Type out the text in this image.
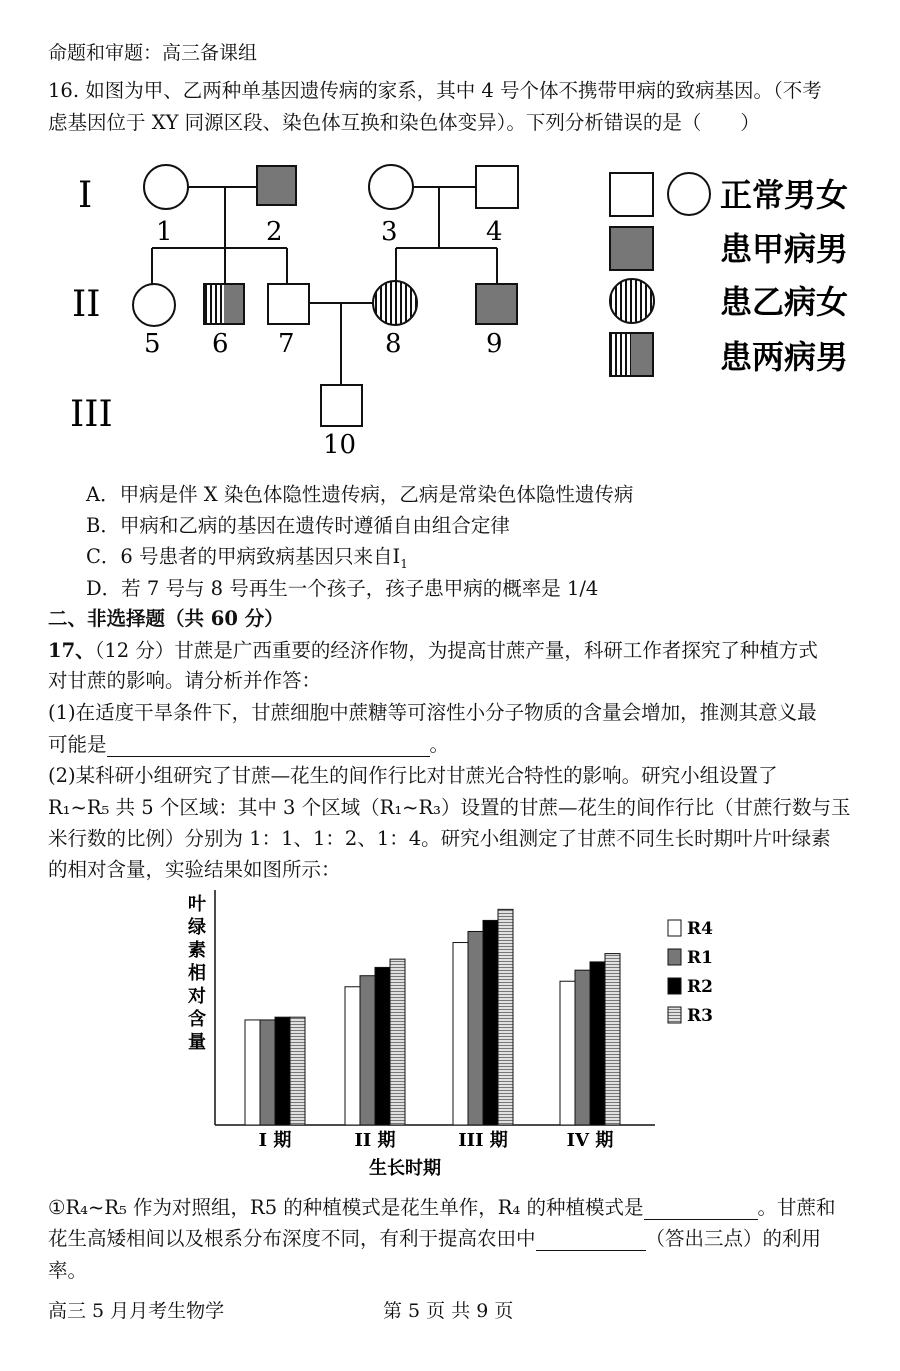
命题和审题：高三备课组
16. 如图为甲、乙两种单基因遗传病的家系，其中 4 号个体不携带甲病的致病基因。（不考
虑基因位于 XY 同源区段、染色体互换和染色体变异）。下列分析错误的是（　　）
I
II
III
1	2	3	4
5 6 7	8	9
10
正常男女
患甲病男
患乙病女
患两病男
A．甲病是伴 X 染色体隐性遗传病，乙病是常染色体隐性遗传病
B．甲病和乙病的基因在遗传时遵循自由组合定律
C．6 号患者的甲病致病基因只来自$I_1$
D．若 7 号与 8 号再生一个孩子，孩子患甲病的概率是 1/4
二、非选择题（共 60 分）
17、（12 分）甘蔗是广西重要的经济作物，为提高甘蔗产量，科研工作者探究了种植方式
对甘蔗的影响。请分析并作答：
(1)在适度干旱条件下，甘蔗细胞中蔗糖等可溶性小分子物质的含量会增加，推测其意义最
可能是	。
(2)某科研小组研究了甘蔗—花生的间作行比对甘蔗光合特性的影响。研究小组设置了
R₁~R₅ 共 5 个区域：其中 3 个区域（R₁~R₃）设置的甘蔗—花生的间作行比（甘蔗行数与玉
米行数的比例）分别为 1：1、1：2、1：4。研究小组测定了甘蔗不同生长时期叶片叶绿素
的相对含量，实验结果如图所示：
叶
绿
素
相
对
含
量
I 期	II 期	III 期	IV 期
生长时期
R4
R1
R2
R3
①R₄~R₅ 作为对照组，R5 的种植模式是花生单作，R₄ 的种植模式是	。甘蔗和
花生高矮相间以及根系分布深度不同，有利于提高农田中	（答出三点）的利用
率。
高三 5 月月考生物学	第 5 页 共 9 页
